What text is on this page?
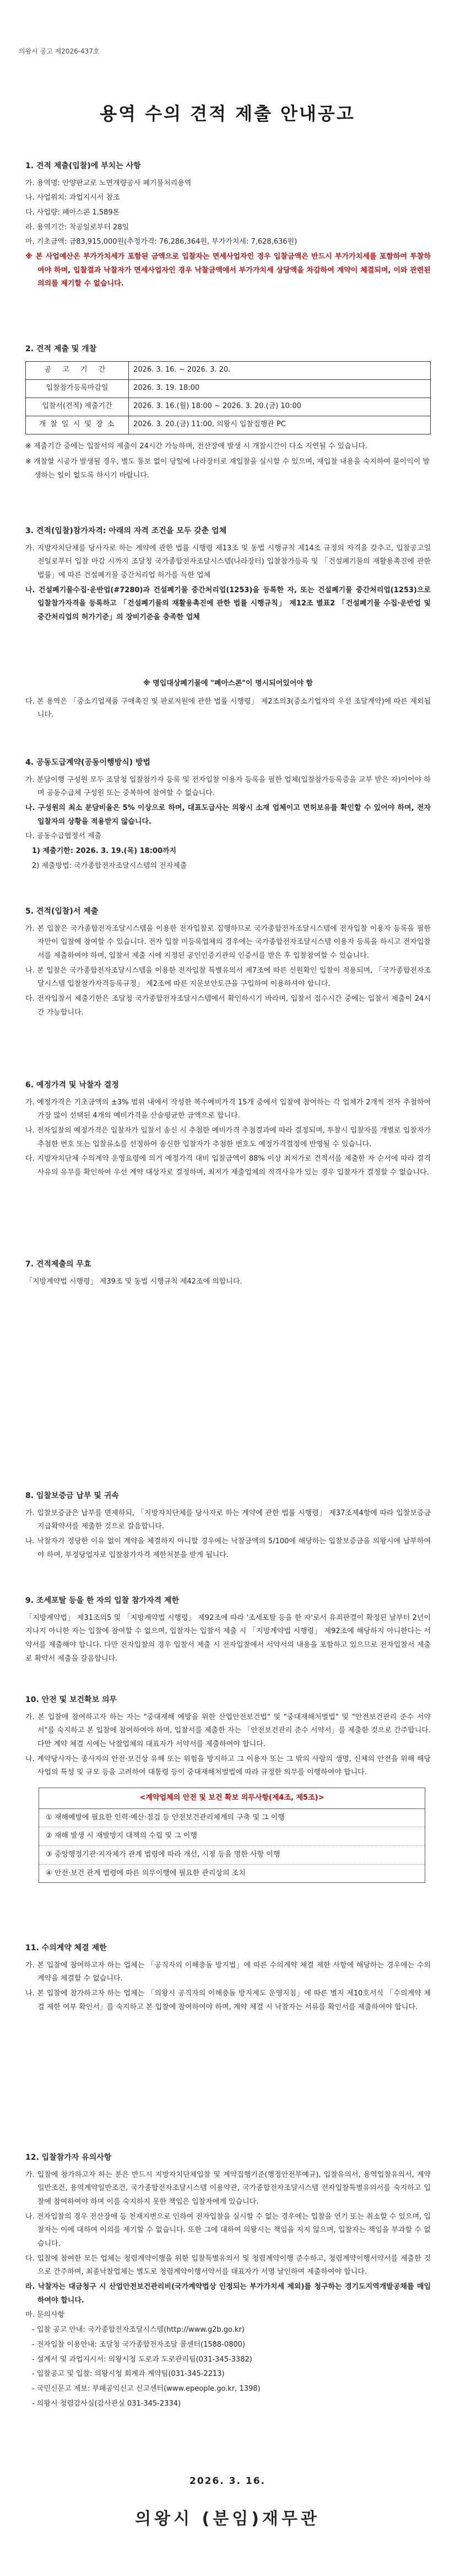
의왕시 공고 제2026-437호
용역 수의 견적 제출 안내공고
1. 견적 제출(입찰)에 부치는 사항
가. 용역명: 안양판교로 노면개량공사 폐기물처리용역
나. 사업위치: 과업지시서 참조
다. 사업량: 폐아스콘 1,589톤
라. 용역기간: 착공일로부터 28일
마. 기초금액: 금83,915,000원(추정가격: 76,286,364원, 부가가치세: 7,628,636원)
※ 본 사업예산은 부가가치세가 포함된 금액으로 입찰자는 면세사업자인 경우 입찰금액은 반드시 부가가치세를 포함하여 투찰하여야 하며, 입찰결과 낙찰자가 면세사업자인 경우 낙찰금액에서 부가가치세 상당액을 차감하여 계약이 체결되며, 이와 관련된 의의를 제기할 수 없습니다.
2. 견적 제출 및 개찰
공 고 기 간	2026. 3. 16. ~ 2026. 3. 20.
입찰참가등록마감일	2026. 3. 19. 18:00
입찰서(견적) 제출기간	2026. 3. 16.(월) 18:00 ~ 2026. 3. 20.(금) 10:00
개 찰 일 시 및 장 소	2026. 3. 20.(금) 11:00, 의왕시 입찰집행관 PC
※ 제출기간 중에는 입찰서의 제출이 24시간 가능하며, 전산장애 발생 시 개찰시간이 다소 지연될 수 있습니다.
※ 개찰할 시공가 발생될 경우, 별도 통보 없이 당일에 나라장터로 재입찰을 실시할 수 있으며, 재입찰 내용을 숙지하여 불이익이 발생하는 일이 없도록 하시기 바랍니다.
3. 견적(입찰)참가자격: 아래의 자격 조건을 모두 갖춘 업체
가. 지방자치단체를 당사자로 하는 계약에 관한 법률 시행령 제13조 및 동법 시행규칙 제14조 규정의 자격을 갖추고, 입찰공고일 전일로부터 입찰 마감 시까지 조달청 국가종합전자조달시스템(나라장터) 입찰참가등록 및 「건설폐기물의 재활용촉진에 관한 법률」에 따른 건설폐기물 중간처리업 허가를 득한 업체
나. 건설폐기물수집·운반업(#7280)과 건설폐기물 중간처리업(1253)을 등록한 자, 또는 건설폐기물 중간처리업(1253)으로 입찰참가자격을 등록하고 「건설폐기물의 재활용촉진에 관한 법률 시행규칙」 제12조 별표2 「건설폐기물 수집·운반업 및 중간처리업의 허가기준」의 장비기준을 충족한 업체
※ 명입대상폐기물에 "폐아스콘"이 명시되어있어야 함
다. 본 용역은 「중소기업제품 구매촉진 및 판로지원에 관한 법률 시행령」 제2조의3(중소기업자의 우선 조달계약)에 따른 제외됩니다.
4. 공동도급계약(공동이행방식) 방법
가. 분담이행 구성원 모두 조달청 입찰참가자 등록 및 전자입찰 이용자 등록을 필한 업체(입찰참가등록증을 교부 받은 자)이어야 하며 공동수급체 구성원 또는 중복하여 참여할 수 없습니다.
나. 구성원의 최소 분담비율은 5% 이상으로 하며, 대표도급사는 의왕시 소재 업체이고 면허보유를 확인할 수 있어야 하며, 전자입찰자의 상황을 적용받지 않습니다.
다. 공동수급협정서 제출
1) 제출기한: 2026. 3. 19.(목) 18:00까지
2) 제출방법: 국가종합전자조달시스템의 전자제출
5. 견적(입찰)서 제출
가. 본 입찰은 국가종합전자조달시스템을 이용한 전자입찰로 집행하므로 국가종합전자조달시스템에 전자입찰 이용자 등록을 필한 자만이 입찰에 참여할 수 있습니다. 전자 입찰 미등록업체의 경우에는 국가종합전자조달시스템 이용자 등록을 하시고 전자입찰서를 제출하여야 하며, 입찰서 제출 시에 지정된 공인인증기관의 인증서를 받은 후 입찰참여할 수 있습니다.
나. 본 입찰은 국가종합전자조달시스템을 이용한 전자입찰 특별유의서 제7조에 따른 신원확인 입찰이 적용되며, 「국가종합전자조달시스템 입찰참가자격등록규정」 제2조에 따른 지문보안토큰을 구입하여 이용하셔야 합니다.
다. 전자입찰서 제출기한은 조달청 국가종합전자조달시스템에서 확인하시기 바라며, 입찰서 접수시간 중에는 입찰서 제출이 24시간 가능합니다.
6. 예정가격 및 낙찰자 결정
가. 예정가격은 기초금액의 ±3% 범위 내에서 작성한 복수예비가격 15개 중에서 입찰에 참여하는 각 업체가 2개씩 전자 추첨하여 가장 많이 선택된 4개의 예비가격을 산술평균한 금액으로 합니다.
나. 전자입찰의 예정가격은 입찰자가 입찰서 송신 시 추첨한 예비가격 추첨결과에 따라 결정되며, 투찰시 입찰자를 개별로 입찰자가 추첨한 번호 또는 입찰류소를 선정하여 송신한 입찰자가 추첨한 번호도 예정가격결정에 반영될 수 있습니다.
다. 지방자치단체 수의계약 운영요령에 의거 예정가격 대비 입찰금액이 88% 이상 최저가로 견적서를 제출한 자 순서에 따라 결격사유의 유무를 확인하여 우선 계약 대상자로 결정하며, 최저가 제출업체의 적격사유가 있는 경우 입찰자가 결정할 수 없습니다.
7. 견적제출의 무효
「지방계약법 시행령」 제39조 및 동법 시행규칙 제42조에 의합니다.
8. 입찰보증금 납부 및 귀속
가. 입찰보증금은 납부를 면제하되, 「지방자치단체를 당사자로 하는 계약에 관한 법률 시행령」 제37조제4항에 따라 입찰보증금 지급확약서를 제출한 것으로 갈음합니다.
나. 낙찰자가 정당한 이유 없이 계약을 체결하지 아니할 경우에는 낙찰금액의 5/100에 해당하는 입찰보증금을 의왕시에 납부하여야 하며, 부정당업자로 입찰참가자격 제한처분을 받게 됩니다.
9. 조세포탈 등을 한 자의 입찰 참가자격 제한
「지방계약법」 제31조의5 및 「지방계약법 시행령」 제92조에 따라 '조세포탈 등을 한 자'로서 유죄판결이 확정된 날부터 2년이 지나지 아니한 자는 입찰에 참여할 수 없으며, 입찰자는 입찰서 제출 시 「지방계약법 시행령」 제92조에 해당하지 아니한다는 서약서를 제출해야 합니다. 다만 전자입찰의 경우 입찰서 제출 시 전자입찰에서 서약서의 내용을 포함하고 있으므로 전자입찰서 제출로 확약서 제출을 갈음합니다.
10. 안전 및 보건확보 의무
가. 본 입찰에 참여하고자 하는 자는 "중대재해 예방을 위한 산업안전보건법" 및 "중대재해처벌법" 및 "안전보건관리 준수 서약서"를 숙지하고 본 입찰에 참여하여야 하며, 입찰서를 제출한 자는 「안전보건관리 준수 서약서」를 제출한 것으로 간주합니다. 다만 계약 체결 시에는 낙찰업체의 대표자가 서약서를 제출하여야 합니다.
나. 계약당사자는 종사자의 안전·보건상 유해 또는 위험을 방지하고 그 이용자 또는 그 밖의 사람의 생명, 신체의 안전을 위해 해당 사업의 특성 및 규모 등을 고려하여 대통령 등이 중대재해처벌법에 따라 규정한 의무를 이행하여야 합니다.
<계약업체의 안전 및 보건 확보 의무사항(제4조, 제5조)>
① 재해예방에 필요한 인력·예산·점검 등 안전보건관리체계의 구축 및 그 이행
② 재해 발생 시 재발방지 대책의 수립 및 그 이행
③ 중앙행정기관·지자체가 관계 법령에 따라 개선, 시정 등을 명한 사항 이행
④ 안전·보건 관계 법령에 따른 의무이행에 필요한 관리상의 조치
11. 수의계약 체결 제한
가. 본 입찰에 참여하고자 하는 업체는 「공직자의 이해충돌 방지법」에 따른 수의계약 체결 제한 사항에 해당하는 경우에는 수의계약을 체결할 수 없습니다.
나. 본 입찰에 참가하고자 하는 업체는 「의왕시 공직자의 이해충돌 방지제도 운영지침」에 따른 별지 제10호서식 「수의계약 체결 제한 여부 확인서」를 숙지하고 본 입찰에 참여하여야 하며, 계약 체결 시 낙찰자는 서류를 확인서를 제출하여야 합니다.
12. 입찰참가자 유의사항
가. 입찰에 참가하고자 하는 분은 반드시 지방자치단체입찰 및 계약집행기준(행정안전부예규), 입찰유의서, 용역입찰유의서, 계약일반조건, 용역계약일반조건, 국가종합전자조달시스템 이용약관, 국가종합전자조달시스템 전자입찰특별유의서를 숙지하고 입찰에 참여하여야 하며 이를 숙지하지 못한 책임은 입찰자에게 있습니다.
나. 전자입찰의 경우 전산장애 등 천재지변으로 인하여 전자입찰을 실시할 수 없는 경우에는 입찰을 연기 또는 취소할 수 있으며, 입찰자는 이에 대하여 이의를 제기할 수 없습니다. 또한 그에 대하여 의왕시는 책임을 지지 않으며, 입찰자는 책임을 부과할 수 없습니다.
다. 입찰에 참여한 모든 업체는 청렴계약이행을 위한 입찰특별유의서 및 청렴계약이행 준수하고, 청렴계약이행서약서를 제출한 것으로 간주하며, 최종낙찰업체는 별도로 청렴계약이행서약서를 대표자가 서명 날인하여 제출하여야 합니다.
라. 낙찰자는 대금청구 시 산업안전보건관리비(국가계약법상 인정되는 부가가치세 제외)를 청구하는 경기도지역개발공채를 매입하여야 합니다.
마. 문의사항
- 입찰 공고 안내: 국가종합전자조달시스템(http://www.g2b.go.kr)
- 전자입찰 이용안내: 조달청 국가종합전자조달 콜센터(1588-0800)
- 설계서 및 과업지시서: 의왕시청 도로과 도로관리팀(031-345-3382)
- 입찰공고 및 입찰: 의왕시청 회계과 계약팀(031-345-2213)
- 국민신문고 제보: 부패공익신고 신고센터(www.epeople.go.kr, 1398)
- 의왕시 청렴감사실(감사관실 031-345-2334)
2026. 3. 16.
의왕시 (분임)재무관
